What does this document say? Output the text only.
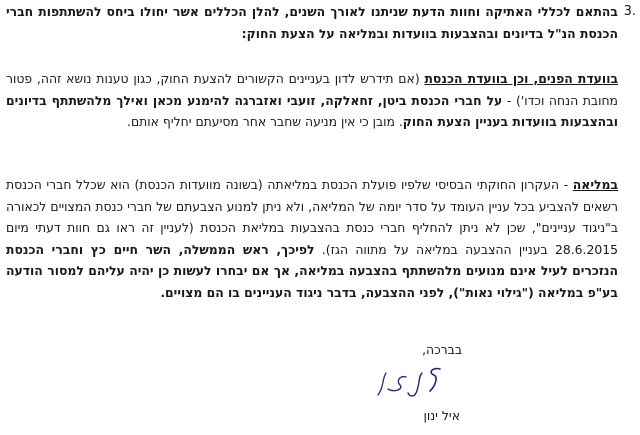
3.
בהתאם לכללי האתיקה וחוות הדעת שניתנו לאורך השנים, להלן הכללים אשר יחולו ביחס להשתתפות חברי הכנסת הנ"ל בדיונים ובהצבעות בוועדות ובמליאה על הצעת החוק:
בוועדת הפנים, וכן בוועדת הכנסת (אם תידרש לדון בעניינים הקשורים להצעת החוק, כגון טענות נושא זהה, פטור מחובת הנחה וכדו') - על חברי הכנסת ביטן, זחאלקה, זועבי ואזברגה להימנע מכאן ואילך מלהשתתף בדיונים ובהצבעות בוועדות בעניין הצעת החוק. מובן כי אין מניעה שחבר אחר מסיעתם יחליף אותם.
במליאה - העקרון החוקתי הבסיסי שלפיו פועלת הכנסת במליאתה (בשונה מוועדות הכנסת) הוא שכלל חברי הכנסת רשאים להצביע בכל עניין העומד על סדר יומה של המליאה, ולא ניתן למנוע הצבעתם של חברי כנסת המצויים לכאורה ב"ניגוד עניינים", שכן לא ניתן להחליף חברי כנסת בהצבעות במליאת הכנסת (לעניין זה ראו גם חוות דעתי מיום 28.6.2015 בעניין ההצבעה במליאה על מתווה הגז). לפיכך, ראש הממשלה, השר חיים כץ וחברי הכנסת הנזכרים לעיל אינם מנועים מלהשתתף בהצבעה במליאה, אך אם יבחרו לעשות כן יהיה עליהם למסור הודעה בע"פ במליאה ("גילוי נאות"), לפני ההצבעה, בדבר ניגוד העניינים בו הם מצויים.
בברכה,
איל ינון
